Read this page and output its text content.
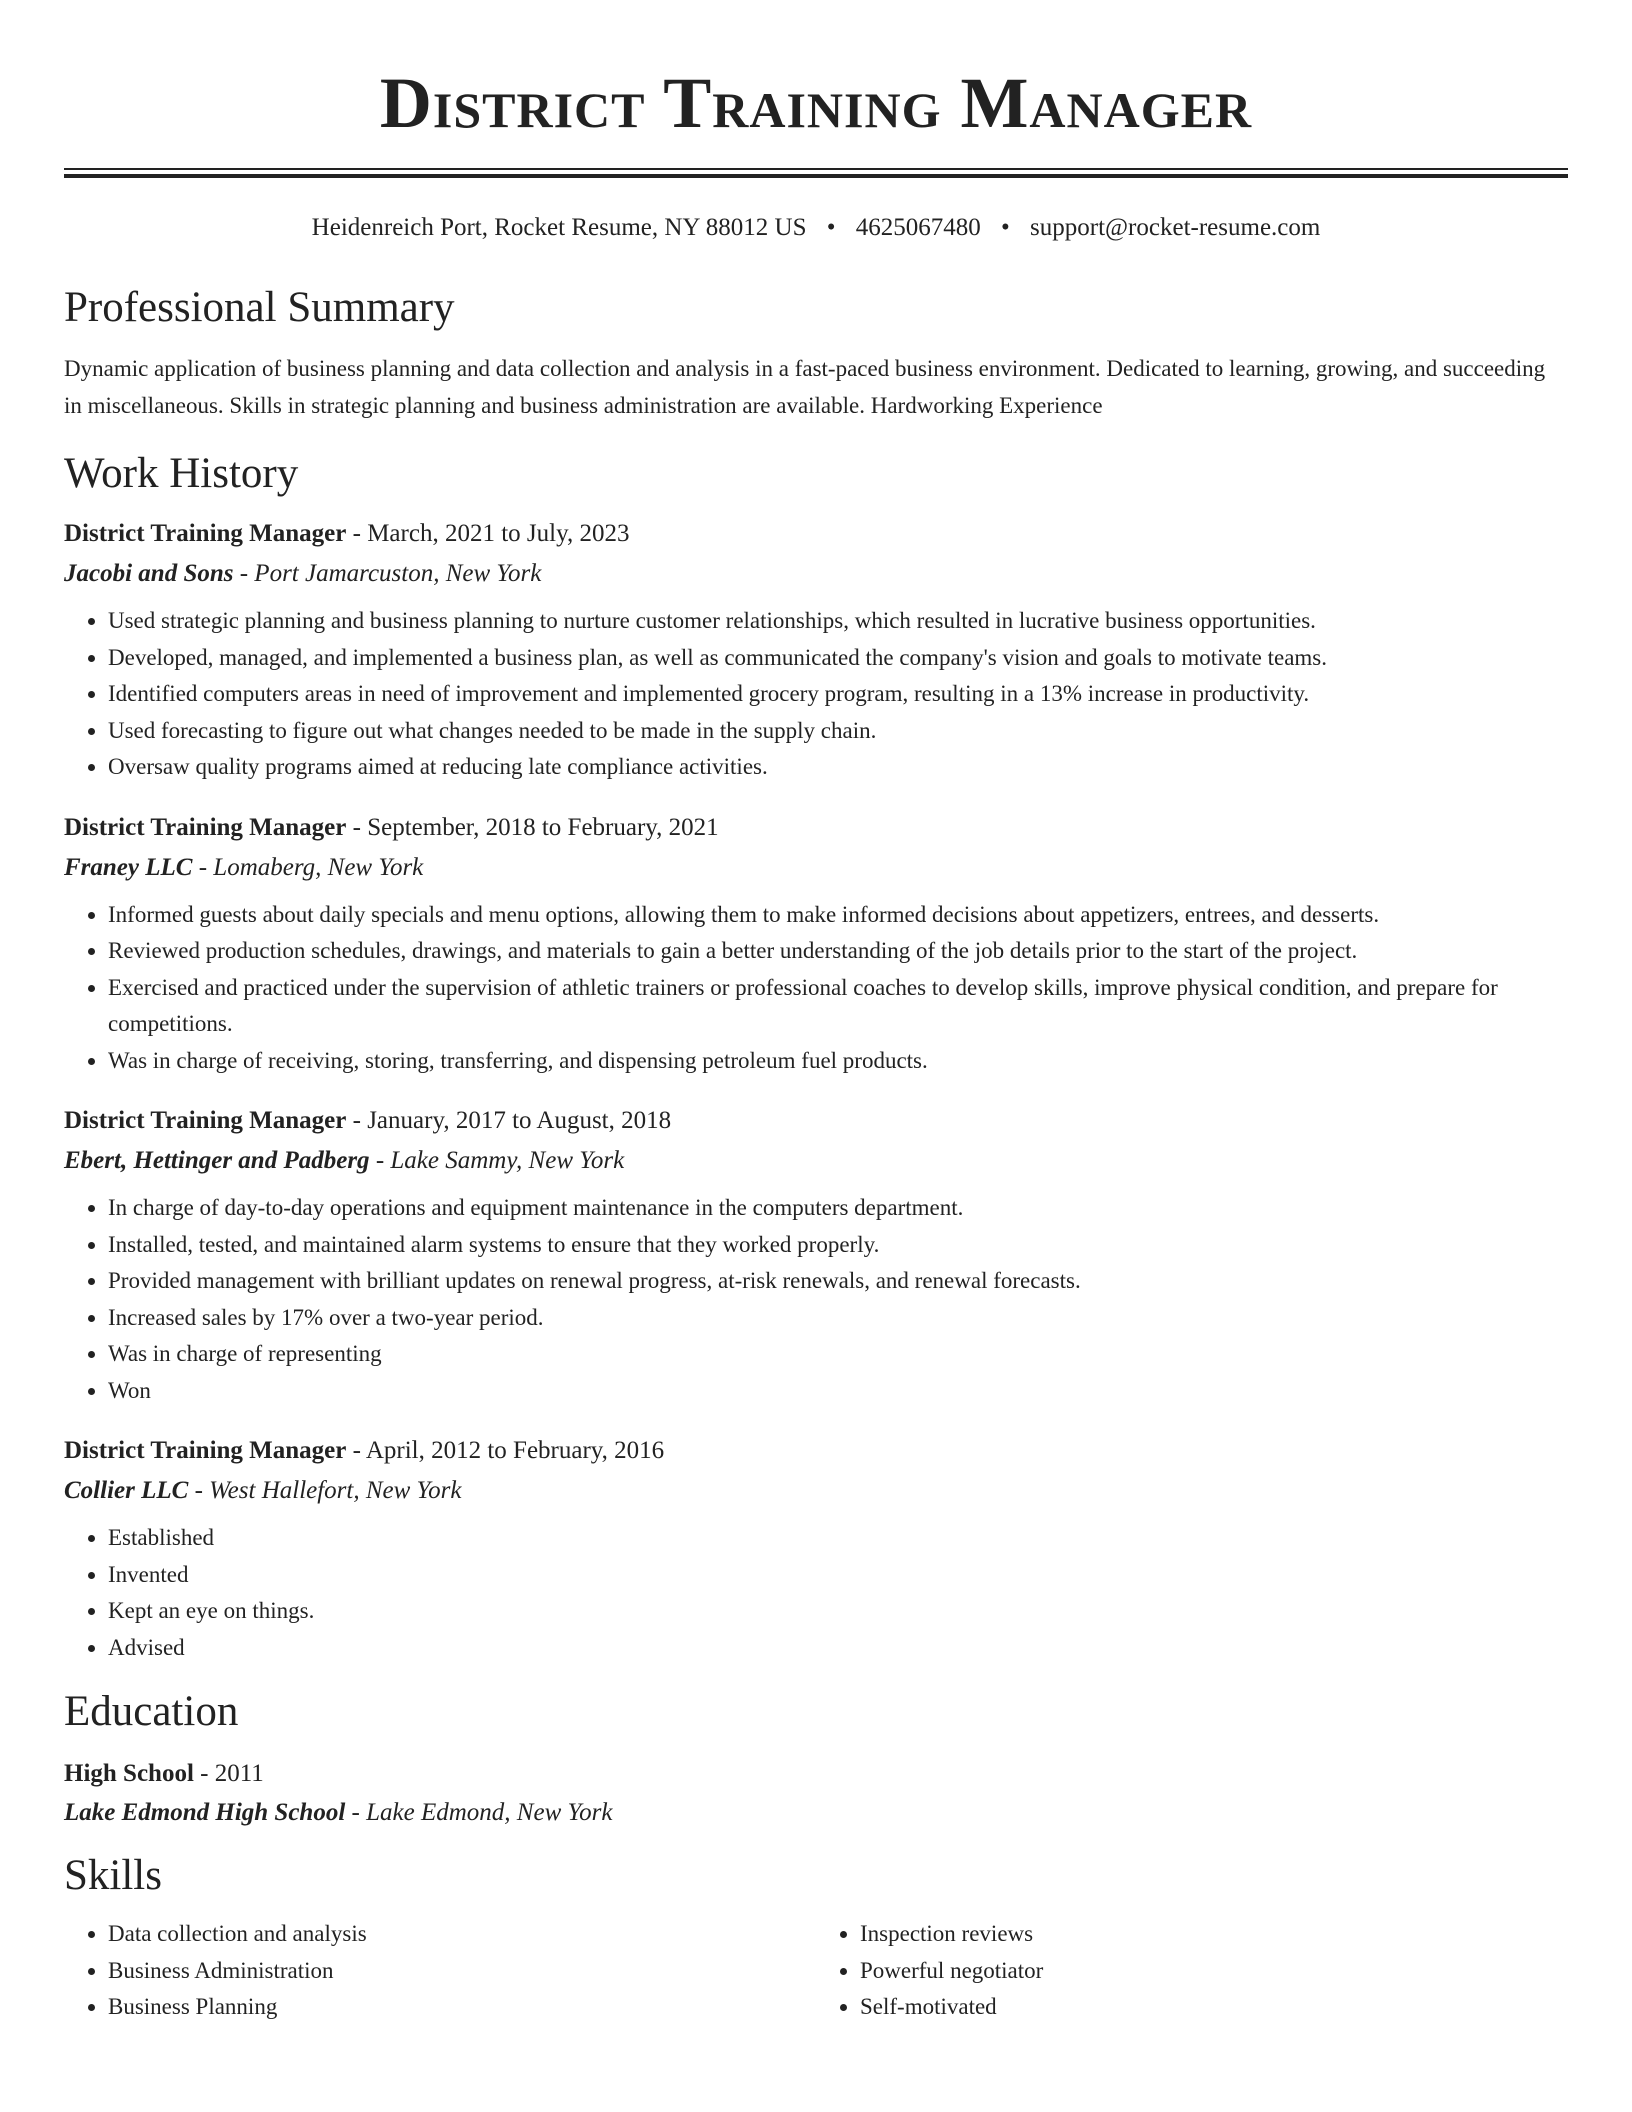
District Training Manager
Heidenreich Port, Rocket Resume, NY 88012 US • 4625067480 • support@rocket-resume.com
Professional Summary
Dynamic application of business planning and data collection and analysis in a fast-paced business environment. Dedicated to learning, growing, and succeeding in miscellaneous. Skills in strategic planning and business administration are available. Hardworking Experience
Work History
District Training Manager - March, 2021 to July, 2023
Jacobi and Sons - Port Jamarcuston, New York
• Used strategic planning and business planning to nurture customer relationships, which resulted in lucrative business opportunities.
• Developed, managed, and implemented a business plan, as well as communicated the company's vision and goals to motivate teams.
• Identified computers areas in need of improvement and implemented grocery program, resulting in a 13% increase in productivity.
• Used forecasting to figure out what changes needed to be made in the supply chain.
• Oversaw quality programs aimed at reducing late compliance activities.
District Training Manager - September, 2018 to February, 2021
Franey LLC - Lomaberg, New York
• Informed guests about daily specials and menu options, allowing them to make informed decisions about appetizers, entrees, and desserts.
• Reviewed production schedules, drawings, and materials to gain a better understanding of the job details prior to the start of the project.
• Exercised and practiced under the supervision of athletic trainers or professional coaches to develop skills, improve physical condition, and prepare for competitions.
• Was in charge of receiving, storing, transferring, and dispensing petroleum fuel products.
District Training Manager - January, 2017 to August, 2018
Ebert, Hettinger and Padberg - Lake Sammy, New York
• In charge of day-to-day operations and equipment maintenance in the computers department.
• Installed, tested, and maintained alarm systems to ensure that they worked properly.
• Provided management with brilliant updates on renewal progress, at-risk renewals, and renewal forecasts.
• Increased sales by 17% over a two-year period.
• Was in charge of representing
• Won
District Training Manager - April, 2012 to February, 2016
Collier LLC - West Hallefort, New York
• Established
• Invented
• Kept an eye on things.
• Advised
Education
High School - 2011
Lake Edmond High School - Lake Edmond, New York
Skills
• Data collection and analysis
• Business Administration
• Business Planning
• Inspection reviews
• Powerful negotiator
• Self-motivated
